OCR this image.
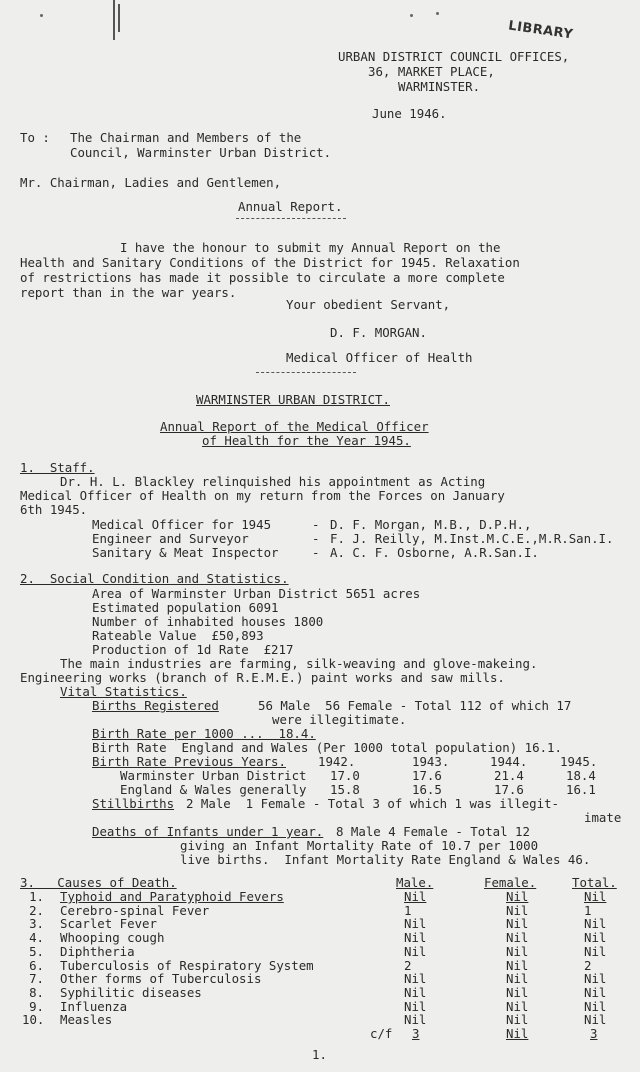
LIBRARY
URBAN DISTRICT COUNCIL OFFICES,
36, MARKET PLACE,
WARMINSTER.
June 1946.
To : The Chairman and Members of the
Council, Warminster Urban District.
Mr. Chairman, Ladies and Gentlemen,
Annual Report.
I have the honour to submit my Annual Report on the
Health and Sanitary Conditions of the District for 1945. Relaxation
of restrictions has made it possible to circulate a more complete
report than in the war years.
Your obedient Servant,
D. F. MORGAN.
Medical Officer of Health
WARMINSTER URBAN DISTRICT.
Annual Report of the Medical Officer
of Health for the Year 1945.
1.  Staff.
Dr. H. L. Blackley relinquished his appointment as Acting
Medical Officer of Health on my return from the Forces on January
6th 1945.
Medical Officer for 1945	- D. F. Morgan, M.B., D.P.H.,
Engineer and Surveyor	- F. J. Reilly, M.Inst.M.C.E.,M.R.San.I.
Sanitary & Meat Inspector	- A. C. F. Osborne, A.R.San.I.
2.  Social Condition and Statistics.
Area of Warminster Urban District 5651 acres
Estimated population 6091
Number of inhabited houses 1800
Rateable Value  £50,893
Production of 1d Rate  £217
The main industries are farming, silk-weaving and glove-makeing.
Engineering works (branch of R.E.M.E.) paint works and saw mills.
Vital Statistics.
Births Registered	56 Male  56 Female - Total 112 of which 17
were illegitimate.
Birth Rate per 1000 ...  18.4.
Birth Rate  England and Wales (Per 1000 total population) 16.1.
Birth Rate Previous Years.	1942.	1943.	1944.	1945.
Warminster Urban District 17.0	17.6	21.4	18.4
England & Wales generally 15.8	16.5	17.6	16.1
Stillbirths 2 Male  1 Female - Total 3 of which 1 was illegit-
imate
Deaths of Infants under 1 year. 8 Male 4 Female - Total 12
giving an Infant Mortality Rate of 10.7 per 1000
live births.  Infant Mortality Rate England & Wales 46.
3.   Causes of Death.	Male.	Female.	Total.
1. Typhoid and Paratyphoid Fevers	Nil	Nil	Nil
2. Cerebro-spinal Fever	1	Nil	1
3. Scarlet Fever	Nil	Nil	Nil
4. Whooping cough	Nil	Nil	Nil
5. Diphtheria	Nil	Nil	Nil
6. Tuberculosis of Respiratory System	2	Nil	2
7. Other forms of Tuberculosis	Nil	Nil	Nil
8. Syphilitic diseases	Nil	Nil	Nil
9. Influenza	Nil	Nil	Nil
10. Measles	Nil	Nil	Nil
c/f 3	Nil	3
1.
